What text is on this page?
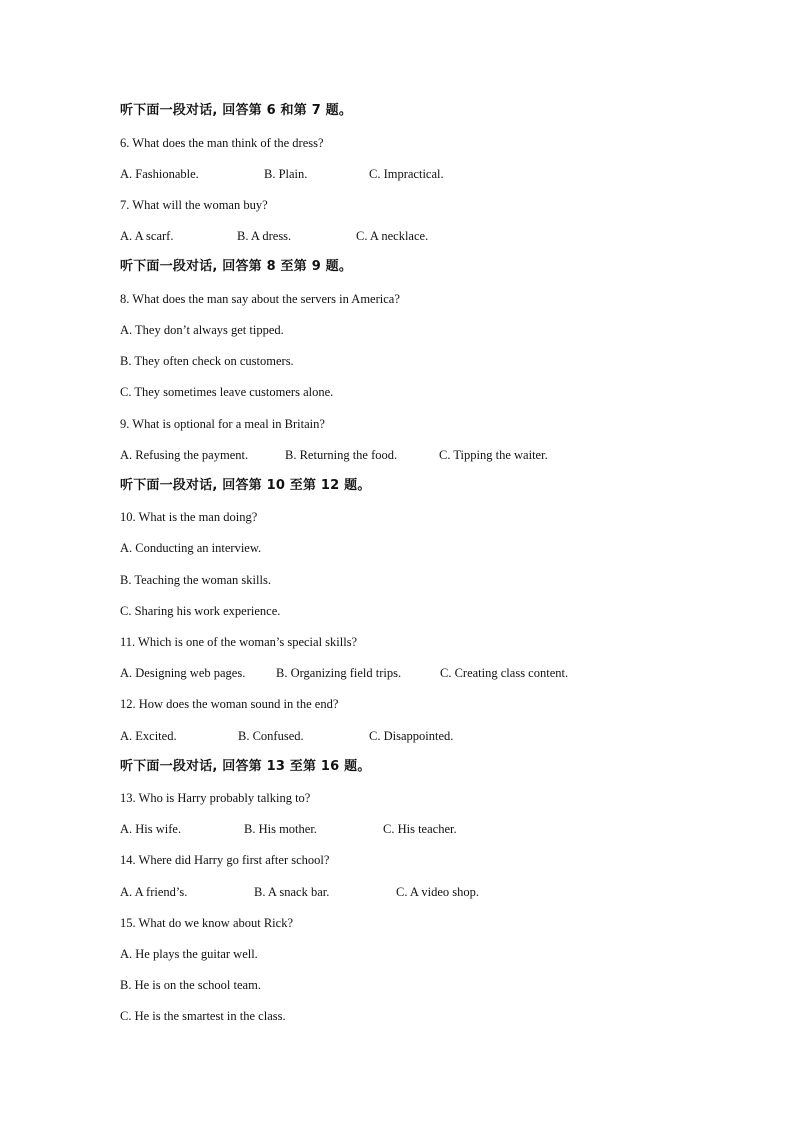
听下面一段对话, 回答第 6 和第 7 题。

6. What does the man think of the dress?

A. Fashionable.	B. Plain.	C. Impractical.

7. What will the woman buy?

A. A scarf.	B. A dress.	C. A necklace.

听下面一段对话, 回答第 8 至第 9 题。

8. What does the man say about the servers in America?

A. They don’t always get tipped.

B. They often check on customers.

C. They sometimes leave customers alone.

9. What is optional for a meal in Britain?

A. Refusing the payment.	B. Returning the food.	C. Tipping the waiter.

听下面一段对话, 回答第 10 至第 12 题。

10. What is the man doing?

A. Conducting an interview.

B. Teaching the woman skills.

C. Sharing his work experience.

11. Which is one of the woman’s special skills?

A. Designing web pages. B. Organizing field trips.	C. Creating class content.

12. How does the woman sound in the end?

A. Excited.	B. Confused.	C. Disappointed.

听下面一段对话, 回答第 13 至第 16 题。

13. Who is Harry probably talking to?

A. His wife.	B. His mother.	C. His teacher.

14. Where did Harry go first after school?

A. A friend’s.	B. A snack bar.	C. A video shop.

15. What do we know about Rick?

A. He plays the guitar well.

B. He is on the school team.

C. He is the smartest in the class.
